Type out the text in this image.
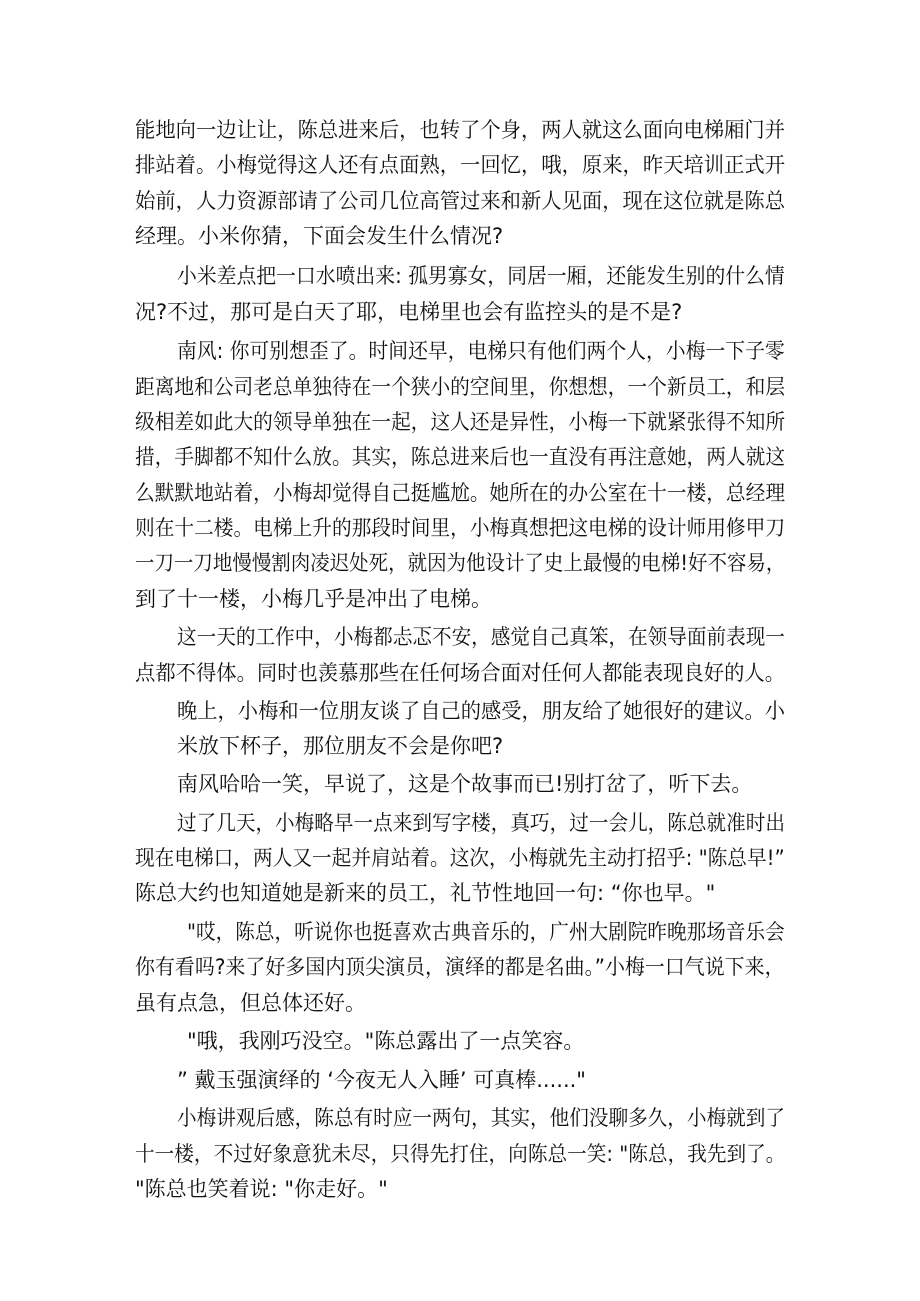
能地向一边让让，陈总进来后，也转了个身，两人就这么面向电梯厢门并
排站着。小梅觉得这人还有点面熟，一回忆，哦，原来，昨天培训正式开
始前，人力资源部请了公司几位高管过来和新人见面，现在这位就是陈总
经理。小米你猜，下面会发生什么情况?
小米差点把一口水喷出来: 孤男寡女，同居一厢，还能发生别的什么情
况?不过，那可是白天了耶，电梯里也会有监控头的是不是?
南风: 你可别想歪了。时间还早，电梯只有他们两个人，小梅一下子零
距离地和公司老总单独待在一个狭小的空间里，你想想，一个新员工，和层
级相差如此大的领导单独在一起，这人还是异性，小梅一下就紧张得不知所
措，手脚都不知什么放。其实，陈总进来后也一直没有再注意她，两人就这
么默默地站着，小梅却觉得自己挺尴尬。她所在的办公室在十一楼，总经理
则在十二楼。电梯上升的那段时间里，小梅真想把这电梯的设计师用修甲刀
一刀一刀地慢慢割肉凌迟处死，就因为他设计了史上最慢的电梯!好不容易，
到了十一楼，小梅几乎是冲出了电梯。
这一天的工作中，小梅都忐忑不安，感觉自己真笨，在领导面前表现一
点都不得体。同时也羡慕那些在任何场合面对任何人都能表现良好的人。
晚上，小梅和一位朋友谈了自己的感受，朋友给了她很好的建议。小
米放下杯子，那位朋友不会是你吧?
南风哈哈一笑，早说了，这是个故事而已!别打岔了，听下去。
过了几天，小梅略早一点来到写字楼，真巧，过一会儿，陈总就准时出
现在电梯口，两人又一起并肩站着。这次，小梅就先主动打招乎: "陈总早!”
陈总大约也知道她是新来的员工，礼节性地回一句: “你也早。"
"哎，陈总，听说你也挺喜欢古典音乐的，广州大剧院昨晚那场音乐会
你有看吗?来了好多国内顶尖演员，演绎的都是名曲。”小梅一口气说下来，
虽有点急，但总体还好。
"哦，我刚巧没空。"陈总露出了一点笑容。
” 戴玉强演绎的 ‘今夜无人入睡’ 可真棒......"
小梅讲观后感，陈总有时应一两句，其实，他们没聊多久，小梅就到了
十一楼，不过好象意犹未尽，只得先打住，向陈总一笑: "陈总，我先到了。
"陈总也笑着说: "你走好。"
